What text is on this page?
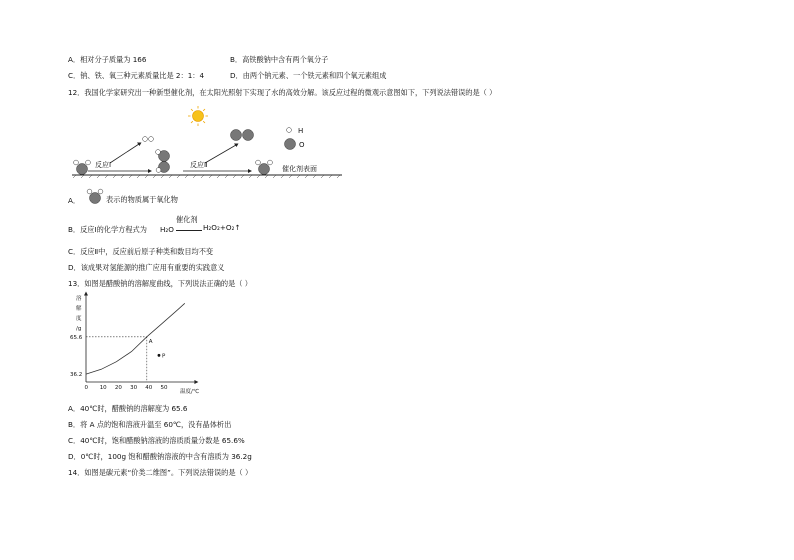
A．相对分子质量为 166	B．高铁酸钠中含有两个氧分子
C．钠、铁、氧三种元素质量比是 2：1：4	D．由两个钠元素、一个铁元素和四个氧元素组成
12．我国化学家研究出一种新型催化剂，在太阳光照射下实现了水的高效分解。该反应过程的微观示意图如下，下列说法错误的是（ ）
H
O
反应Ⅰ	反应Ⅱ	催化剂表面
A．	表示的物质属于氧化物
B．反应Ⅰ的化学方程式为 H₂O
催化剂
H₂O₂+O₂↑
C．反应Ⅱ中，反应前后原子种类和数目均不变
D．该成果对氢能源的推广应用有重要的实践意义
13．如图是醋酸钠的溶解度曲线，下列说法正确的是（ ）
溶
解
度
/g
温度/℃
0 10 20 30 40 50
36.2
65.6
A
P
A．40℃时，醋酸钠的溶解度为 65.6
B．将 A 点的饱和溶液升温至 60℃，没有晶体析出
C．40℃时，饱和醋酸钠溶液的溶质质量分数是 65.6%
D．0℃时，100g 饱和醋酸钠溶液的中含有溶质为 36.2g
14．如图是碳元素“价类二维图”。下列说法错误的是（ ）
